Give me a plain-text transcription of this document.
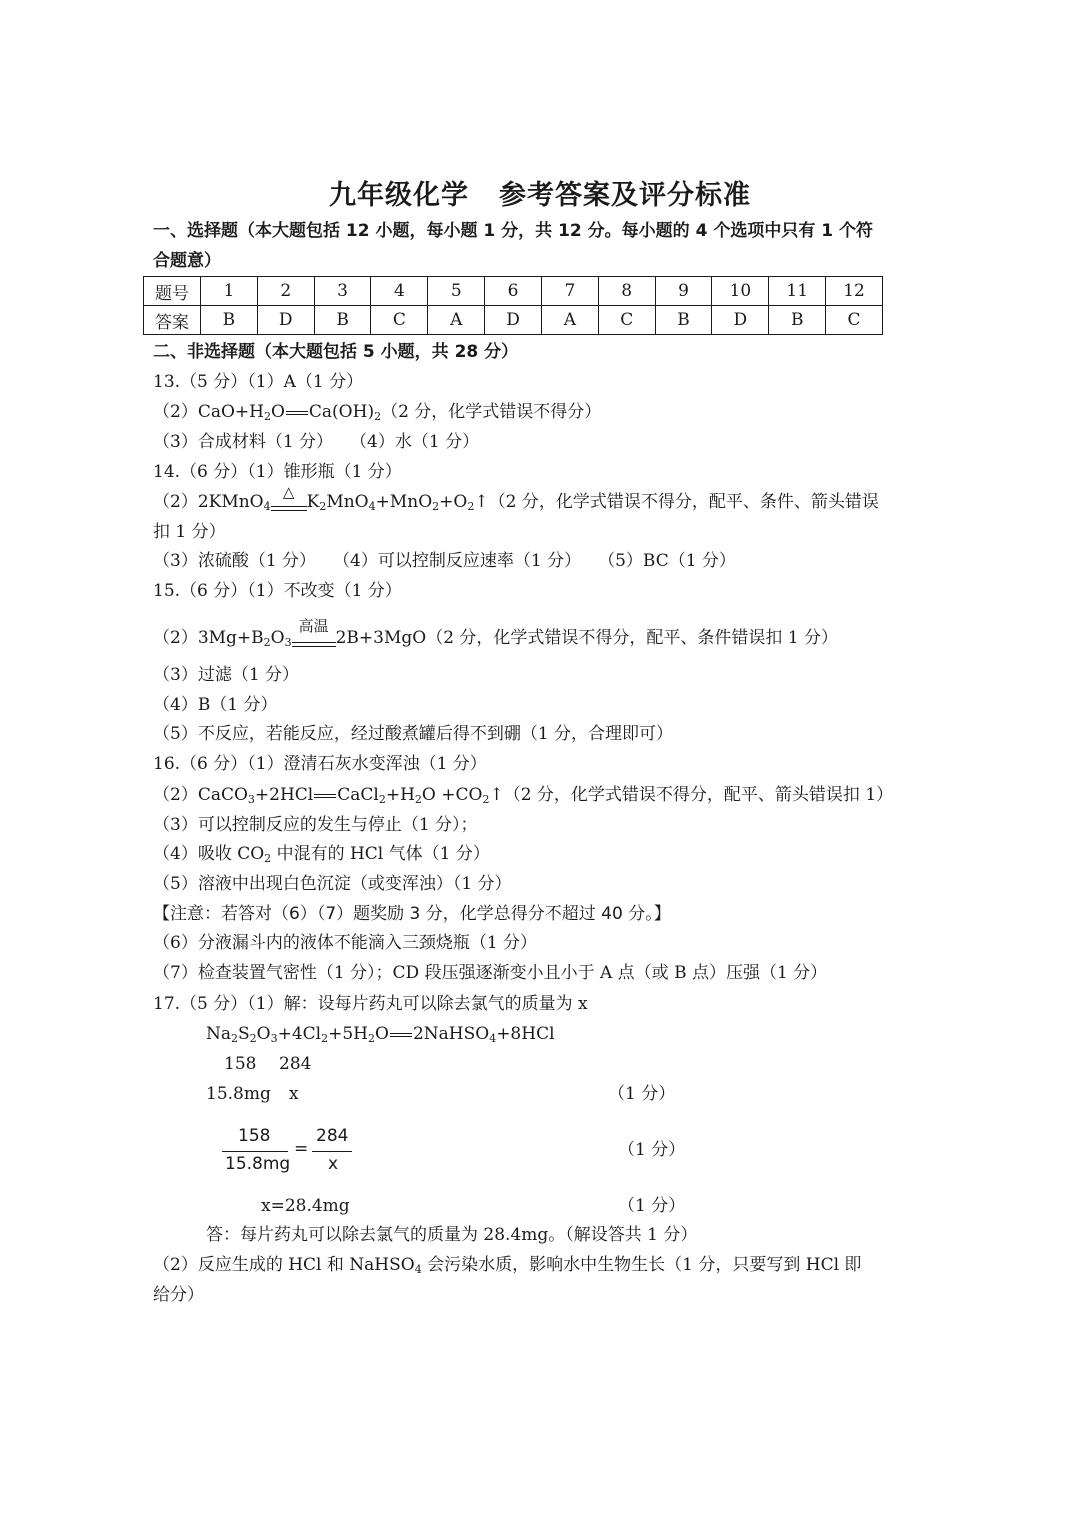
九年级化学 参考答案及评分标准
一、选择题（本大题包括 12 小题，每小题 1 分，共 12 分。每小题的 4 个选项中只有 1 个符
合题意）
题号	1	2	3	4	5	6	7	8	9	10	11	12
答案	B	D	B	C	A	D	A	C	B	D	B	C
二、非选择题（本大题包括 5 小题，共 28 分）
13.（5 分）（1）A（1 分）
$(2)CaO+H_2O$ $Ca(OH)_2(2$ 分，化学式错误不得分）
（3）合成材料（1 分）　　（4）水（1 分）
14.（6 分）（1）锥形瓶（1 分）
（2）2KMnO$_4$
△ $K_2MnO_4+MnO_2+O_2↑(2$ 分，化学式错误不得分，配平、条件、箭头错误
扣 1 分）
（3）浓硫酸（1 分）　　（4）可以控制反应速率（1 分）　　（5）BC（1 分）
15.（6 分）（1）不改变（1 分）
$(2)3Mg+B_2O_3$
高温
2B+3MgO（2 分，化学式错误不得分，配平、条件错误扣 1 分）
（3）过滤（1 分）
（4）B（1 分）
（5）不反应，若能反应，经过酸煮罐后得不到硼（1 分，合理即可）
16.（6 分）（1）澄清石灰水变浑浊（1 分）
（2）CaCO$_3$+2HCl $CaCl_2+H_2O$ $+CO_2↑(2$ 分，化学式错误不得分，配平、箭头错误扣 1）
（3）可以控制反应的发生与停止（1 分）；
（4）吸收 $CO_2$ 中混有的 HCl 气体（1 分）
（5）溶液中出现白色沉淀（或变浑浊）（1 分）
【注意：若答对（6）（7）题奖励 3 分，化学总得分不超过 40 分。】
（6）分液漏斗内的液体不能滴入三颈烧瓶（1 分）
（7）检查装置气密性（1 分）；CD 段压强逐渐变小且小于 A 点（或 B 点）压强（1 分）
17.（5 分）（1）解：设每片药丸可以除去氯气的质量为 x
$Na_2S_2O_3+4Cl_2+5H_2O$ 2NaHSO$_4$+8HCl
158 284
15.8mg x	（1 分）
158
15.8mg
=
284
x
（1 分）
x=28.4mg	（1 分）
答：每片药丸可以除去氯气的质量为 28.4mg。（解设答共 1 分）
（2）反应生成的 HCl 和 NaHSO$_4$ 会污染水质，影响水中生物生长（1 分，只要写到 HCl 即
给分）
